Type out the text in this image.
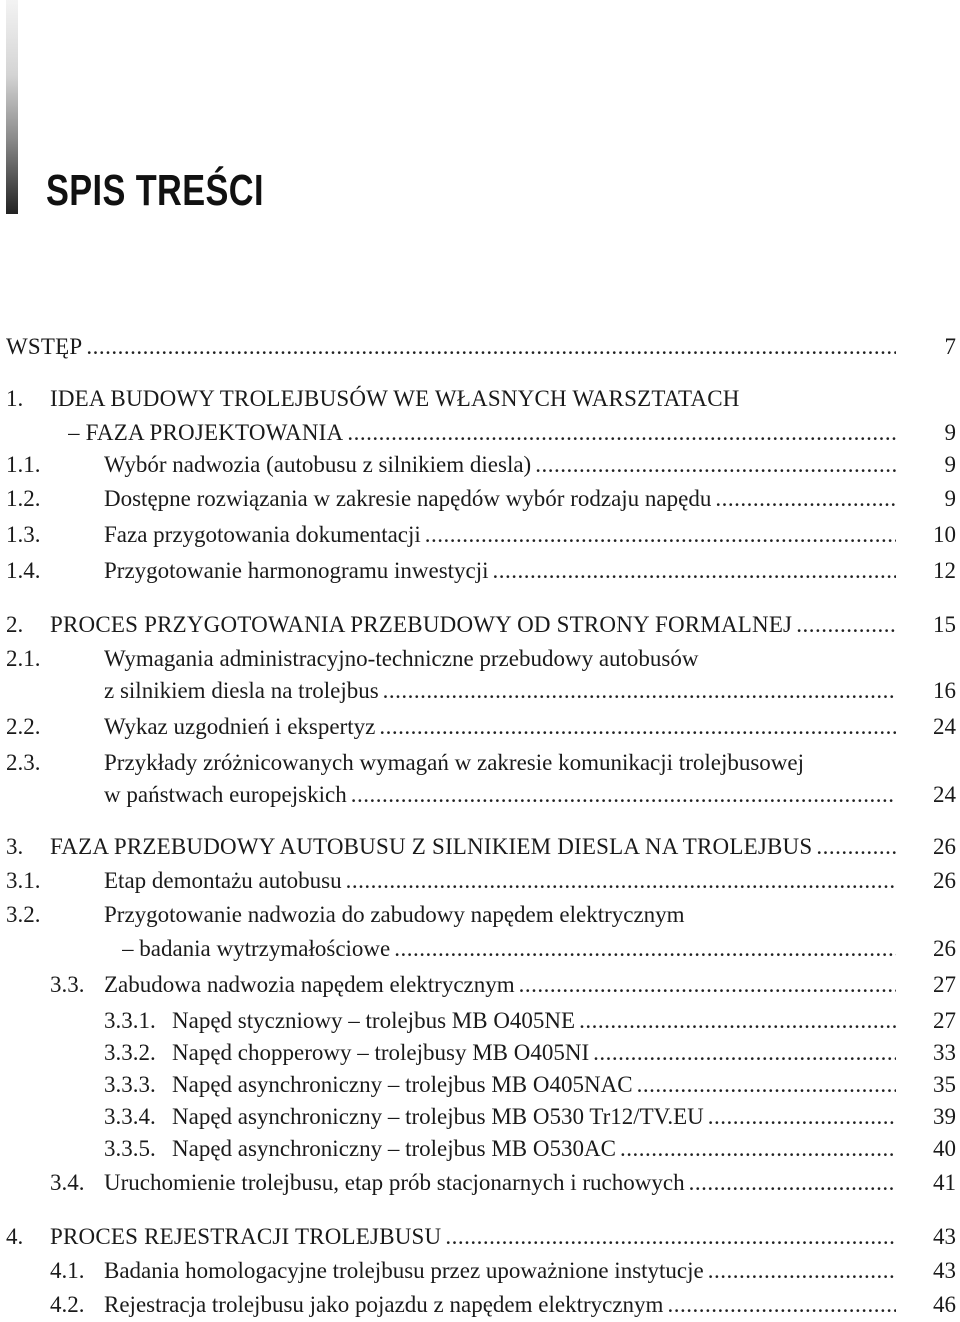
SPIS TREŚCI
WSTĘP .....	7
1. IDEA BUDOWY TROLEJBUSÓW WE WŁASNYCH WARSZTATACH
– FAZA PROJEKTOWANIA .....	9
1.1.	Wybór nadwozia (autobusu z silnikiem diesla) .....	9
1.2.	Dostępne rozwiązania w zakresie napędów wybór rodzaju napędu .....	9
1.3.	Faza przygotowania dokumentacji .....	10
1.4.	Przygotowanie harmonogramu inwestycji .....	12
2. PROCES PRZYGOTOWANIA PRZEBUDOWY OD STRONY FORMALNEJ .....	15
2.1.	Wymagania administracyjno-techniczne przebudowy autobusów
z silnikiem diesla na trolejbus .....	16
2.2.	Wykaz uzgodnień i ekspertyz .....	24
2.3.	Przykłady zróżnicowanych wymagań w zakresie komunikacji trolejbusowej
w państwach europejskich .....	24
3. FAZA PRZEBUDOWY AUTOBUSU Z SILNIKIEM DIESLA NA TROLEJBUS .....	26
3.1.	Etap demontażu autobusu .....	26
3.2.	Przygotowanie nadwozia do zabudowy napędem elektrycznym
– badania wytrzymałościowe .....	26
3.3. Zabudowa nadwozia napędem elektrycznym .....	27
3.3.1. Napęd styczniowy – trolejbus MB O405NE .....	27
3.3.2. Napęd chopperowy – trolejbusy MB O405NI .....	33
3.3.3. Napęd asynchroniczny – trolejbus MB O405NAC .....	35
3.3.4. Napęd asynchroniczny – trolejbus MB O530 Tr12/TV.EU .....	39
3.3.5. Napęd asynchroniczny – trolejbus MB O530AC .....	40
3.4. Uruchomienie trolejbusu, etap prób stacjonarnych i ruchowych .....	41
4. PROCES REJESTRACJI TROLEJBUSU .....	43
4.1. Badania homologacyjne trolejbusu przez upoważnione instytucje .....	43
4.2. Rejestracja trolejbusu jako pojazdu z napędem elektrycznym .....	46
